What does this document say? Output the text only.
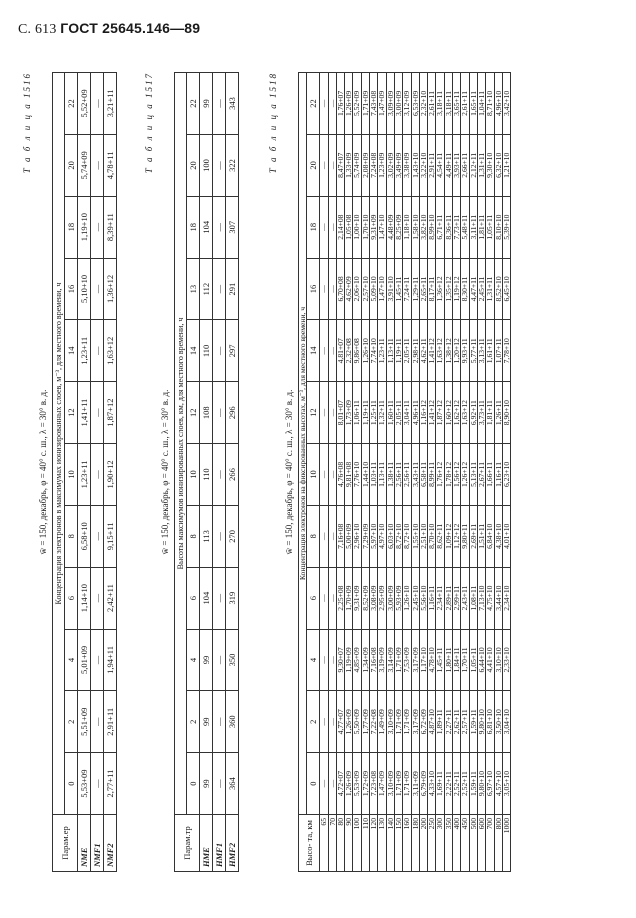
С. 613 ГОСТ 25645.146—89
Т а б л и ц а 1516
w̄ = 150, декабрь, φ = 40° с. ш., λ = 30° в. д.
Парам.ер	Концентрация электронов в максимумах ионизированных слоев, м⁻³, для местного времени, ч											
	0	2	4	6	8	10	12	14	16	18	20	22
NME	5,53+09	5,51+09	5,01+09	1,14+10	6,58+10	1,23+11	1,41+11	1,23+11	5,10+10	1,19+10	5,74+09	5,52+09
NMF1	—	—	—	—	—	—	—	—	—	—	—	—
NMF2	2,77+11	2,91+11	1,94+11	2,42+11	9,15+11	1,90+12	1,87+12	1,63+12	1,36+12	8,39+11	4,78+11	3,21+11	Т а б л и ц а 1517
w̄ = 150, декабрь, φ = 40° с. ш., λ = 30° в. д.
Парам.тр	Высоты максимумов ионизированных слоев, км, для местного времени, ч											
	0	2	4	6	8	10	12	14	13	18	20	22
HME	99	99	99	104	113	110	108	110	112	104	100	99
HMF1	—	—	—	—	—	—	—	—	—	—	—	—
HMF2	364	360	350	319	270	266	296	297	291	307	322	343	Т а б л и ц а 1518
w̄ = 150, декабрь, φ = 40° с. ш., λ = 30° в. д.
Высо- та, км	Концентрация электронов на фиксированных высотах, м⁻³, для местного времени, ч											
	0	2	4	6	8	10	12	14	16	18	20	22
65	—	—	—	—	—	—	—	—	—	—	—	—
70	—	—	—	—	—	—	—	—	—	—	—	—
80	4,72+07	4,77+07	9,30+07	2,25+08	7,16+08	4,76+08	8,01+07	4,81+07	6,70+08	2,14+08	8,47+07	1,76+07
90	1,26+09	1,26+09	1,19+09	1,70+09	5,00+09	9,81+08	1,73+09	2,32+08	4,62+09	1,05+08	1,33+09	1,26+09
100	5,53+09	5,50+09	4,85+09	9,31+09	2,96+10	7,76+10	1,06+11	9,86+08	2,06+10	1,00+10	5,74+09	5,52+09
110	1,72+09	1,77+09	1,34+09	8,52+09	7,29+09	1,44+10	1,19+11	1,26+10	2,57+10	1,70+10	2,08+09	1,71+09
120	7,23+08	7,22+08	7,16+08	3,08+09	5,97+10	1,03+11	1,25+11	7,74+10	5,09+10	9,31+09	7,24+08	7,43+08
130	1,47+09	1,49+09	3,19+09	2,95+09	4,97+10	1,13+11	1,32+11	1,23+11	1,47+10	1,47+10	1,23+09	1,47+09
140	3,10+09	3,10+09	3,14+09	3,00+09	6,03+10	1,38+11	1,60+11	1,13+11	3,91+10	4,48+09	3,02+09	3,09+09
150	1,71+09	1,71+09	1,71+09	5,93+09	8,72+10	2,56+11	2,05+11	1,19+11	1,45+11	8,25+09	3,49+09	3,00+09
160	1,71+09	1,71+09	7,53+09	1,26+10	8,72+10	2,56+11	3,04+11	2,05+11	7,24+11	1,18+10	3,38+09	3,12+09
180	3,11+09	3,17+09	3,17+09	2,45+10	1,55+10	3,43+11	4,96+11	2,98+11	1,29+11	1,58+10	1,43+10	6,53+09
200	6,79+09	6,72+09	1,17+10	5,56+10	2,51+10	6,58+11	1,16+12	4,62+11	2,65+11	3,82+10	3,22+10	2,32+10
250	4,33+10	4,87+10	4,78+10	1,16+11	8,70+10	8,99+11	1,41+12	1,41+12	8,17+11	8,99+10	2,91+11	2,61+11
300	1,69+11	1,89+11	1,45+11	2,34+11	8,62+11	1,76+12	1,87+12	1,63+12	1,36+12	6,71+11	4,54+11	3,18+11
350	2,22+11	2,27+11	1,80+11	2,89+11	1,09+12	1,78+12	1,60+12	1,38+12	1,35+12	8,36+11	4,49+11	3,18+11
400	2,52+11	2,62+11	1,84+11	2,99+11	1,12+12	1,56+12	1,62+12	1,20+12	1,19+12	7,73+11	3,93+11	3,65+11
450	2,52+11	2,57+11	1,70+11	2,43+11	9,80+11	1,26+12	1,63+12	9,93+11	8,30+11	5,48+11	2,66+11	2,61+11
500	1,59+11	1,59+11	1,05+11	1,08+11	2,69+11	5,13+11	6,92+11	5,77+11	4,47+11	3,11+11	2,12+11	1,65+11
600	9,80+10	9,80+10	6,44+10	7,13+10	1,51+11	2,67+11	3,73+11	3,13+11	2,45+11	1,81+11	1,31+11	1,04+11
700	6,97+10	6,81+10	4,41+10	4,75+10	6,84+10	1,66+11	1,81+11	1,61+11	1,31+11	1,05+11	9,30+10	8,71+10
800	4,57+10	3,50+10	3,10+10	3,44+10	4,38+10	1,16+11	1,26+11	1,07+11	8,52+10	8,10+10	6,32+10	4,96+10
1000	3,05+10	3,04+10	2,33+10	2,34+10	4,01+10	6,23+10	8,90+10	7,78+10	6,45+10	5,39+10	1,21+10	3,42+10
